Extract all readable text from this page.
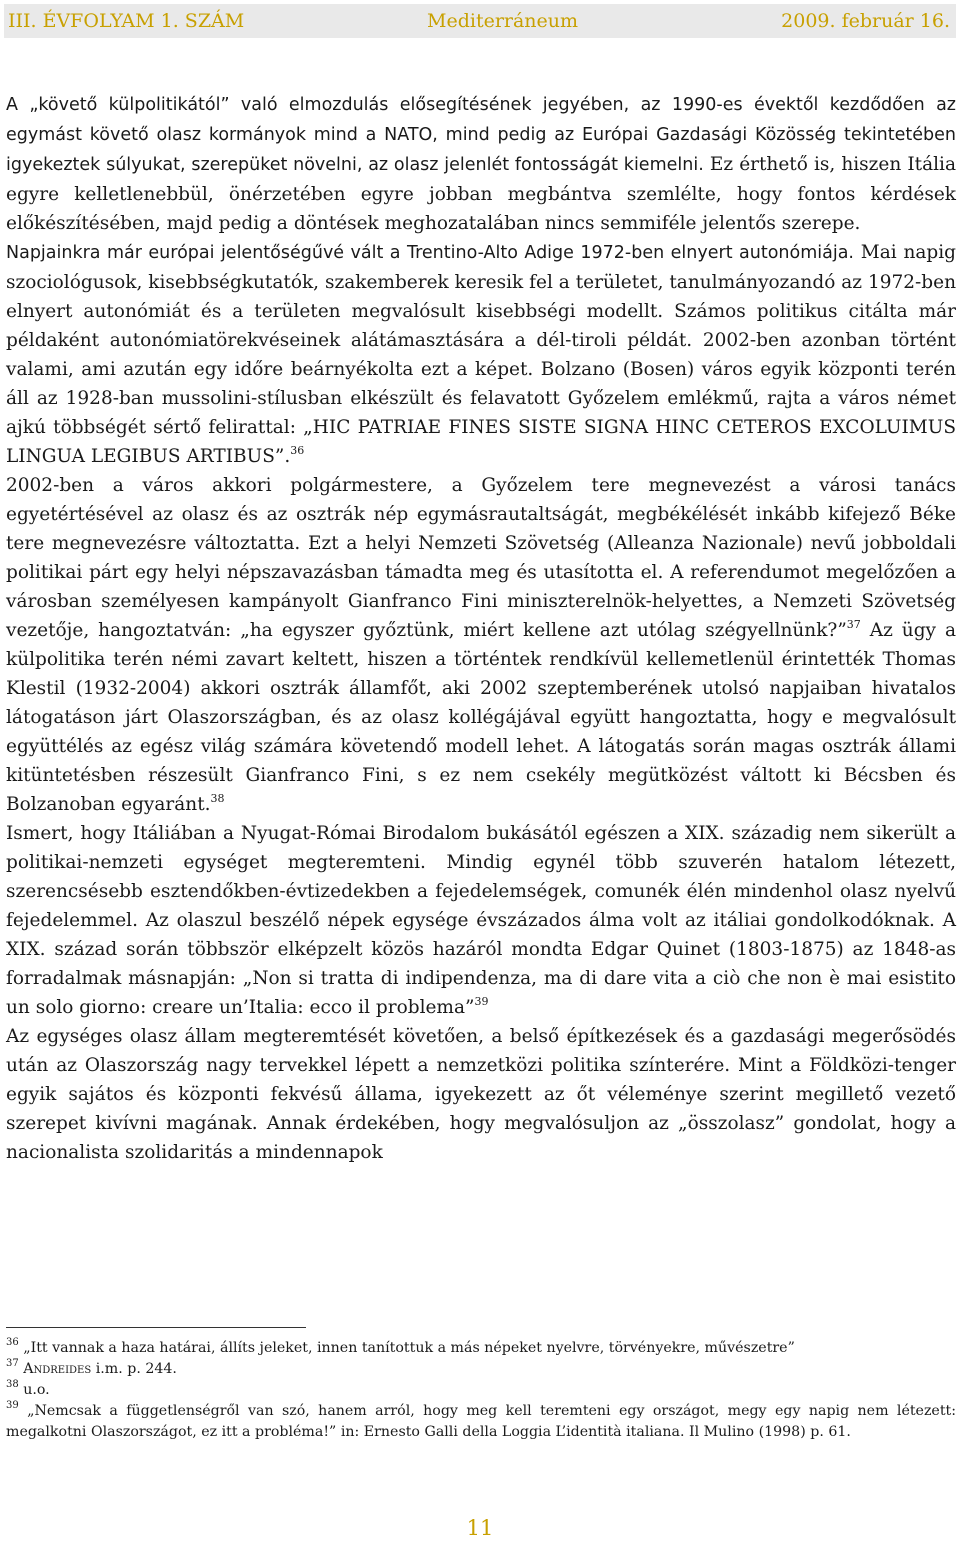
III. ÉVFOLYAM 1. SZÁM	Mediterráneum	2009. február 16.

A „követő külpolitikától” való elmozdulás elősegítésének jegyében, az 1990-es évektől kezdődően az egymást követő olasz kormányok mind a NATO, mind pedig az Európai Gazdasági Közösség tekintetében igyekeztek súlyukat, szerepüket növelni, az olasz jelenlét fontosságát kiemelni. Ez érthető is, hiszen Itália egyre kelletlenebbül, önérzetében egyre jobban megbántva szemlélte, hogy fontos kérdések előkészítésében, majd pedig a döntések meghozatalában nincs semmiféle jelentős szerepe.

Napjainkra már európai jelentőségűvé vált a Trentino-Alto Adige 1972-ben elnyert autonómiája. Mai napig szociológusok, kisebbségkutatók, szakemberek keresik fel a területet, tanulmányozandó az 1972-ben elnyert autonómiát és a területen megvalósult kisebbségi modellt. Számos politikus citálta már példaként autonómiatörekvéseinek alátámasztására a dél-tiroli példát. 2002-ben azonban történt valami, ami azután egy időre beárnyékolta ezt a képet. Bolzano (Bosen) város egyik központi terén áll az 1928-ban mussolini-stílusban elkészült és felavatott Győzelem emlékmű, rajta a város német ajkú többségét sértő felirattal: „HIC PATRIAE FINES SISTE SIGNA HINC CETEROS EXCOLUIMUS LINGUA LEGIBUS ARTIBUS”.$^{36}$

2002-ben a város akkori polgármestere, a Győzelem tere megnevezést a városi tanács egyetértésével az olasz és az osztrák nép egymásrautaltságát, megbékélését inkább kifejező Béke tere megnevezésre változtatta. Ezt a helyi Nemzeti Szövetség (Alleanza Nazionale) nevű jobboldali politikai párt egy helyi népszavazásban támadta meg és utasította el. A referendumot megelőzően a városban személyesen kampányolt Gianfranco Fini miniszterelnök-helyettes, a Nemzeti Szövetség vezetője, hangoztatván: „ha egyszer győztünk, miért kellene azt utólag szégyellnünk?”$^{37}$ Az ügy a külpolitika terén némi zavart keltett, hiszen a történtek rendkívül kellemetlenül érintették Thomas Klestil (1932-2004) akkori osztrák államfőt, aki 2002 szeptemberének utolsó napjaiban hivatalos látogatáson járt Olaszországban, és az olasz kollégájával együtt hangoztatta, hogy e megvalósult együttélés az egész világ számára követendő modell lehet. A látogatás során magas osztrák állami kitüntetésben részesült Gianfranco Fini, s ez nem csekély megütközést váltott ki Bécsben és Bolzanoban egyaránt.$^{38}$

Ismert, hogy Itáliában a Nyugat-Római Birodalom bukásától egészen a XIX. századig nem sikerült a politikai-nemzeti egységet megteremteni. Mindig egynél több szuverén hatalom létezett, szerencsésebb esztendőkben-évtizedekben a fejedelemségek, comunék élén mindenhol olasz nyelvű fejedelemmel. Az olaszul beszélő népek egysége évszázados álma volt az itáliai gondolkodóknak. A XIX. század során többször elképzelt közös hazáról mondta Edgar Quinet (1803-1875) az 1848-as forradalmak másnapján: „Non si tratta di indipendenza, ma di dare vita a ciò che non è mai esistito un solo giorno: creare un’Italia: ecco il problema”$^{39}$

Az egységes olasz állam megteremtését követően, a belső építkezések és a gazdasági megerősödés után az Olaszország nagy tervekkel lépett a nemzetközi politika színterére. Mint a Földközi-tenger egyik sajátos és központi fekvésű állama, igyekezett az őt véleménye szerint megillető vezető szerepet kivívni magának. Annak érdekében, hogy megvalósuljon az „összolasz” gondolat, hogy a nacionalista szolidaritás a mindennapok

$^{36}$ „Itt vannak a haza határai, állíts jeleket, innen tanítottuk a más népeket nyelvre, törvényekre, művészetre”

$^{37}$ Andreides i.m. p. 244.

$^{38}$ u.o.

$^{39}$ „Nemcsak a függetlenségről van szó, hanem arról, hogy meg kell teremteni egy országot, megy egy napig nem létezett: megalkotni Olaszországot, ez itt a probléma!” in: Ernesto Galli della Loggia L’identità italiana. Il Mulino (1998) p. 61.

11
